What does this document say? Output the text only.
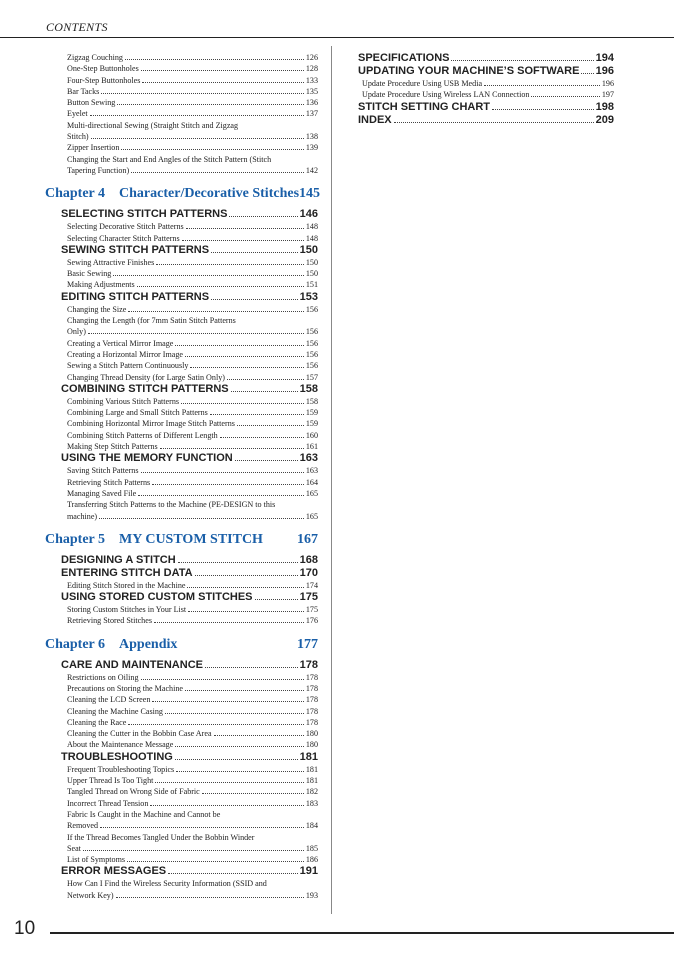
CONTENTS
Zigzag Couching	126
One-Step Buttonholes	128
Four-Step Buttonholes	133
Bar Tacks	135
Button Sewing	136
Eyelet	137
Multi-directional Sewing (Straight Stitch and Zigzag
Stitch)	138
Zipper Insertion	139
Changing the Start and End Angles of the Stitch Pattern (Stitch
Tapering Function)	142
Chapter 4 Character/Decorative Stitches 145
SELECTING STITCH PATTERNS	146
Selecting Decorative Stitch Patterns	148
Selecting Character Stitch Patterns	148
SEWING STITCH PATTERNS	150
Sewing Attractive Finishes	150
Basic Sewing	150
Making Adjustments	151
EDITING STITCH PATTERNS	153
Changing the Size	156
Changing the Length (for 7mm Satin Stitch Patterns
Only)	156
Creating a Vertical Mirror Image	156
Creating a Horizontal Mirror Image	156
Sewing a Stitch Pattern Continuously	156
Changing Thread Density (for Large Satin Only)	157
COMBINING STITCH PATTERNS	158
Combining Various Stitch Patterns	158
Combining Large and Small Stitch Patterns	159
Combining Horizontal Mirror Image Stitch Patterns	159
Combining Stitch Patterns of Different Length	160
Making Step Stitch Patterns	161
USING THE MEMORY FUNCTION	163
Saving Stitch Patterns	163
Retrieving Stitch Patterns	164
Managing Saved File	165
Transferring Stitch Patterns to the Machine (PE-DESIGN to this
machine)	165
Chapter 5 MY CUSTOM STITCH 167
DESIGNING A STITCH	168
ENTERING STITCH DATA	170
Editing Stitch Stored in the Machine	174
USING STORED CUSTOM STITCHES	175
Storing Custom Stitches in Your List	175
Retrieving Stored Stitches	176
Chapter 6 Appendix	177
CARE AND MAINTENANCE	178
Restrictions on Oiling	178
Precautions on Storing the Machine	178
Cleaning the LCD Screen	178
Cleaning the Machine Casing	178
Cleaning the Race	178
Cleaning the Cutter in the Bobbin Case Area	180
About the Maintenance Message	180
TROUBLESHOOTING	181
Frequent Troubleshooting Topics	181
Upper Thread Is Too Tight	181
Tangled Thread on Wrong Side of Fabric	182
Incorrect Thread Tension	183
Fabric Is Caught in the Machine and Cannot be
Removed	184
If the Thread Becomes Tangled Under the Bobbin Winder
Seat	185
List of Symptoms	186
ERROR MESSAGES	191
How Can I Find the Wireless Security Information (SSID and
Network Key)	193
SPECIFICATIONS	194
UPDATING YOUR MACHINE’S SOFTWARE 196
Update Procedure Using USB Media	196
Update Procedure Using Wireless LAN Connection	197
STITCH SETTING CHART	198
INDEX	209
10
